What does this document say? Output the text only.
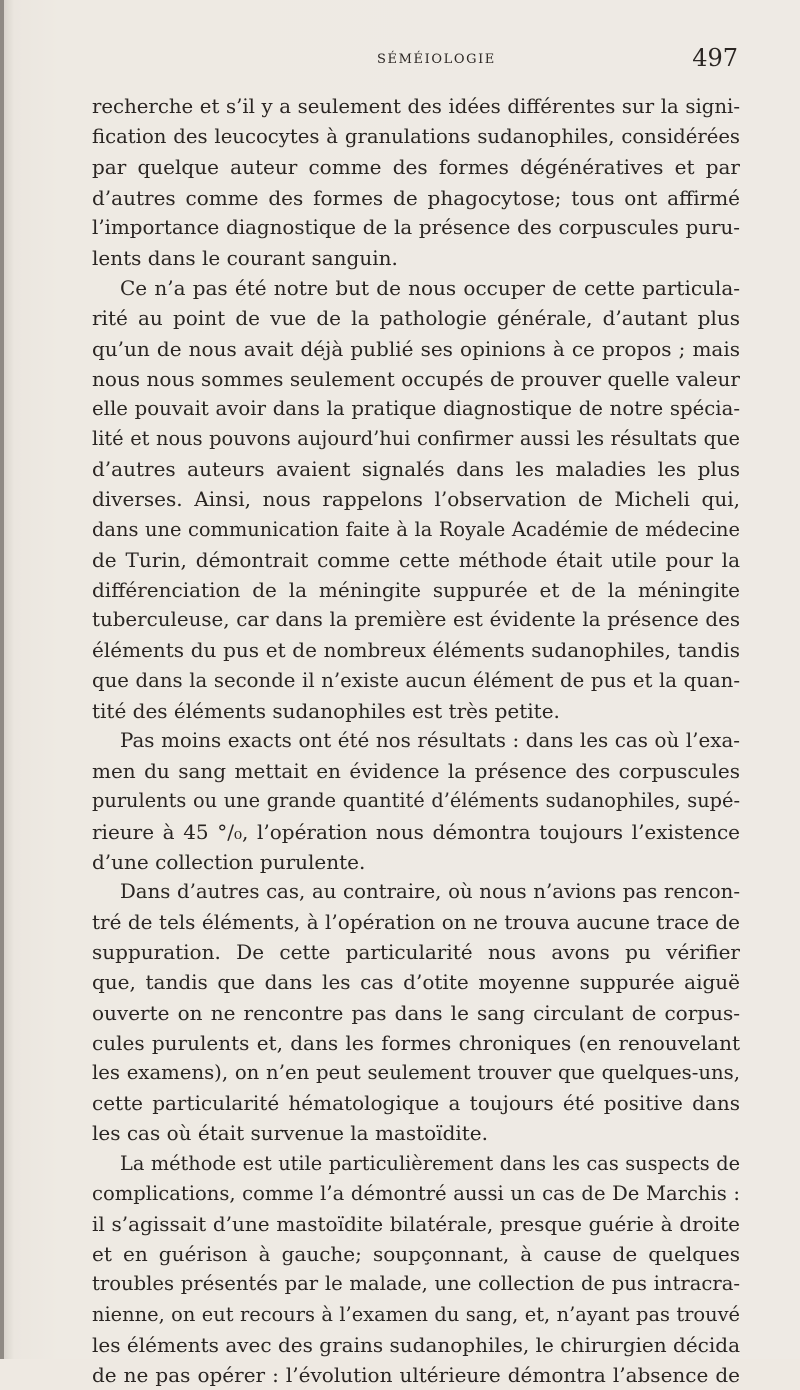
SÉMÉIOLOGIE	497
recherche et s’il y a seulement des idées différentes sur la signi-
fication des leucocytes à granulations sudanophiles, considérées
par quelque auteur comme des formes dégénératives et par
d’autres comme des formes de phagocytose; tous ont affirmé
l’importance diagnostique de la présence des corpuscules puru-
lents dans le courant sanguin.
Ce n’a pas été notre but de nous occuper de cette particula-
rité au point de vue de la pathologie générale, d’autant plus
qu’un de nous avait déjà publié ses opinions à ce propos ; mais
nous nous sommes seulement occupés de prouver quelle valeur
elle pouvait avoir dans la pratique diagnostique de notre spécia-
lité et nous pouvons aujourd’hui confirmer aussi les résultats que
d’autres auteurs avaient signalés dans les maladies les plus
diverses. Ainsi, nous rappelons l’observation de Micheli qui,
dans une communication faite à la Royale Académie de médecine
de Turin, démontrait comme cette méthode était utile pour la
différenciation de la méningite suppurée et de la méningite
tuberculeuse, car dans la première est évidente la présence des
éléments du pus et de nombreux éléments sudanophiles, tandis
que dans la seconde il n’existe aucun élément de pus et la quan-
tité des éléments sudanophiles est très petite.
Pas moins exacts ont été nos résultats : dans les cas où l’exa-
men du sang mettait en évidence la présence des corpuscules
purulents ou une grande quantité d’éléments sudanophiles, supé-
rieure à 45 °/₀, l’opération nous démontra toujours l’existence
d’une collection purulente.
Dans d’autres cas, au contraire, où nous n’avions pas rencon-
tré de tels éléments, à l’opération on ne trouva aucune trace de
suppuration. De cette particularité nous avons pu vérifier
que, tandis que dans les cas d’otite moyenne suppurée aiguë
ouverte on ne rencontre pas dans le sang circulant de corpus-
cules purulents et, dans les formes chroniques (en renouvelant
les examens), on n’en peut seulement trouver que quelques-uns,
cette particularité hématologique a toujours été positive dans
les cas où était survenue la mastoïdite.
La méthode est utile particulièrement dans les cas suspects de
complications, comme l’a démontré aussi un cas de De Marchis :
il s’agissait d’une mastoïdite bilatérale, presque guérie à droite
et en guérison à gauche; soupçonnant, à cause de quelques
troubles présentés par le malade, une collection de pus intracra-
nienne, on eut recours à l’examen du sang, et, n’ayant pas trouvé
les éléments avec des grains sudanophiles, le chirurgien décida
de ne pas opérer : l’évolution ultérieure démontra l’absence de
